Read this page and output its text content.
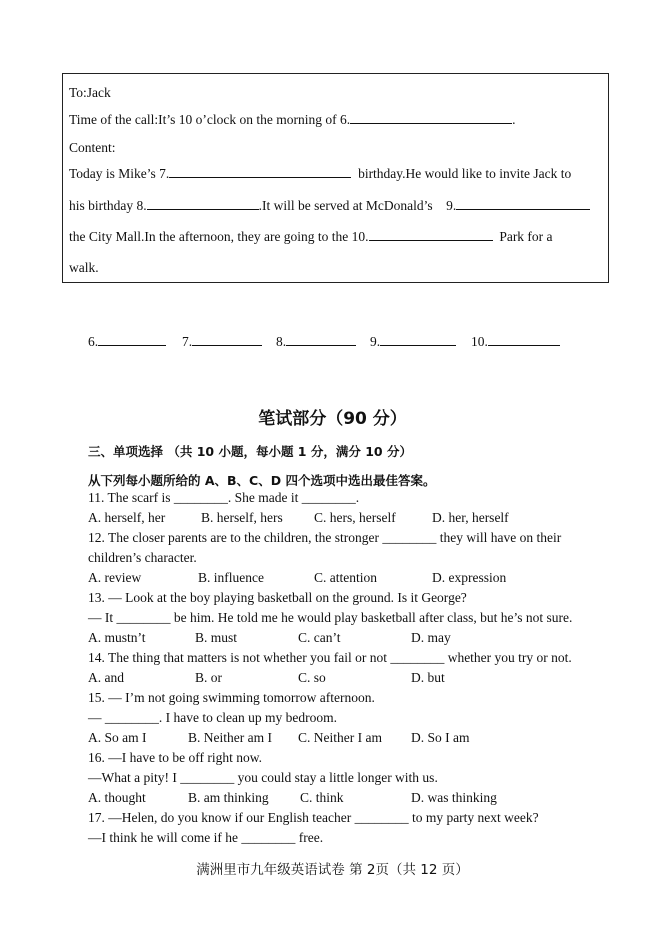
To:Jack
Time of the call:It’s 10 o’clock on the morning of 6.	.
Content:
Today is Mike’s 7.	birthday.He would like to invite Jack to
his birthday 8.	.It will be served at McDonald’s 9.
the City Mall.In the afternoon, they are going to the 10.	Park for a
walk.
6.	7.	8.	9.	10.
笔试部分（90 分）
三、单项选择 （共 10 小题，每小题 1 分，满分 10 分）
从下列每小题所给的 A、B、C、D 四个选项中选出最佳答案。
11. The scarf is ________. She made it ________.
A. herself, her	B. herself, hers C. hers, herself	D. her, herself
12. The closer parents are to the children, the stronger ________ they will have on their
children’s character.
A. review	B. influence	C. attention	D. expression
13. — Look at the boy playing basketball on the ground. Is it George?
— It ________ be him. He told me he would play basketball after class, but he’s not sure.
A. mustn’t	B. must	C. can’t	D. may
14. The thing that matters is not whether you fail or not ________ whether you try or not.
A. and	B. or	C. so	D. but
15. — I’m not going swimming tomorrow afternoon.
— ________. I have to clean up my bedroom.
A. So am I	B. Neither am I C. Neither I am D. So I am
16. —I have to be off right now.
—What a pity! I ________ you could stay a little longer with us.
A. thought	B. am thinking C. think	D. was thinking
17. —Helen, do you know if our English teacher ________ to my party next week?
—I think he will come if he ________ free.
满洲里市九年级英语试卷 第 2页（共 12 页）
